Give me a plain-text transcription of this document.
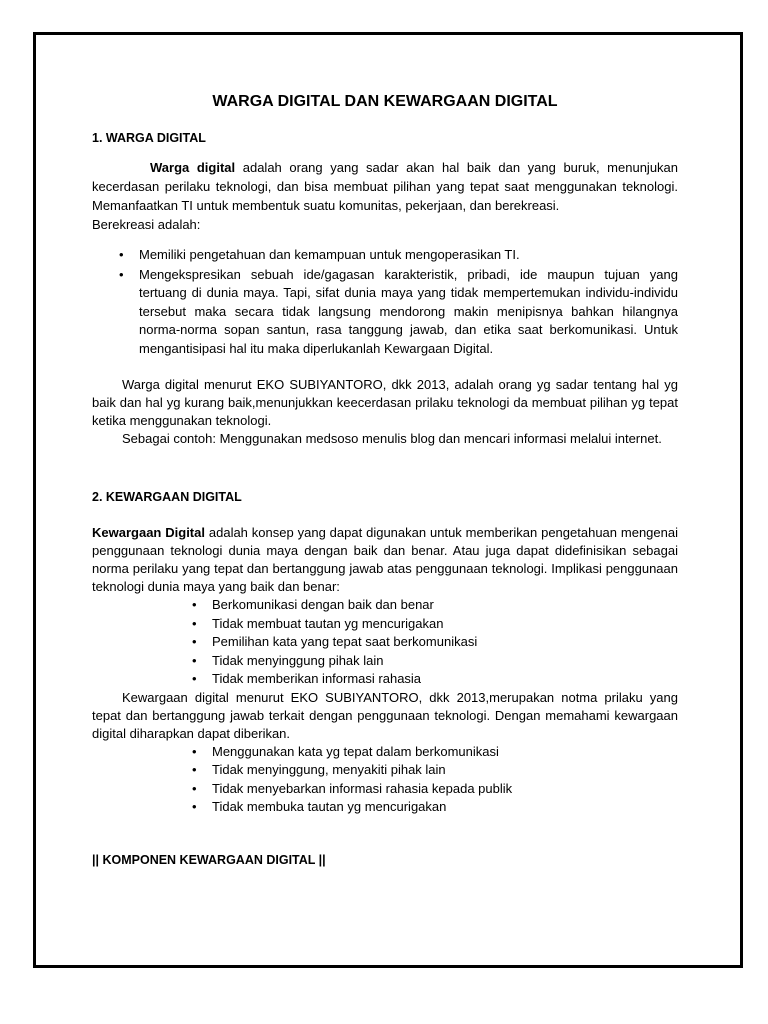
WARGA DIGITAL DAN KEWARGAAN DIGITAL

1. WARGA DIGITAL

Warga digital adalah orang yang sadar akan hal baik dan yang buruk, menunjukan kecerdasan perilaku teknologi, dan bisa membuat pilihan yang tepat saat menggunakan teknologi. Memanfaatkan TI untuk membentuk suatu komunitas, pekerjaan, dan berekreasi.

Berekreasi adalah:

• Memiliki pengetahuan dan kemampuan untuk mengoperasikan TI.
• Mengekspresikan sebuah ide/gagasan karakteristik, pribadi, ide maupun tujuan yang tertuang di dunia maya. Tapi, sifat dunia maya yang tidak mempertemukan individu-individu tersebut maka secara tidak langsung mendorong makin menipisnya bahkan hilangnya norma-norma sopan santun, rasa tanggung jawab, dan etika saat berkomunikasi. Untuk mengantisipasi hal itu maka diperlukanlah Kewargaan Digital.

Warga digital menurut EKO SUBIYANTORO, dkk 2013, adalah orang yg sadar tentang hal yg baik dan hal yg kurang baik,menunjukkan keecerdasan prilaku teknologi da membuat pilihan yg tepat ketika menggunakan teknologi.

Sebagai contoh: Menggunakan medsoso menulis blog dan mencari informasi melalui internet.

2. KEWARGAAN DIGITAL

Kewargaan Digital adalah konsep yang dapat digunakan untuk memberikan pengetahuan mengenai penggunaan teknologi dunia maya dengan baik dan benar. Atau juga dapat didefinisikan sebagai norma perilaku yang tepat dan bertanggung jawab atas penggunaan teknologi. Implikasi penggunaan teknologi dunia maya yang baik dan benar:

• Berkomunikasi dengan baik dan benar
• Tidak membuat tautan yg mencurigakan
• Pemilihan kata yang tepat saat berkomunikasi
• Tidak menyinggung pihak lain
• Tidak memberikan informasi rahasia

Kewargaan digital menurut EKO SUBIYANTORO, dkk 2013,merupakan notma prilaku yang tepat dan bertanggung jawab terkait dengan penggunaan teknologi. Dengan memahami kewargaan digital diharapkan dapat diberikan.

• Menggunakan kata yg tepat dalam berkomunikasi
• Tidak menyinggung, menyakiti pihak lain
• Tidak menyebarkan informasi rahasia kepada publik
• Tidak membuka tautan yg mencurigakan

|| KOMPONEN KEWARGAAN DIGITAL ||
